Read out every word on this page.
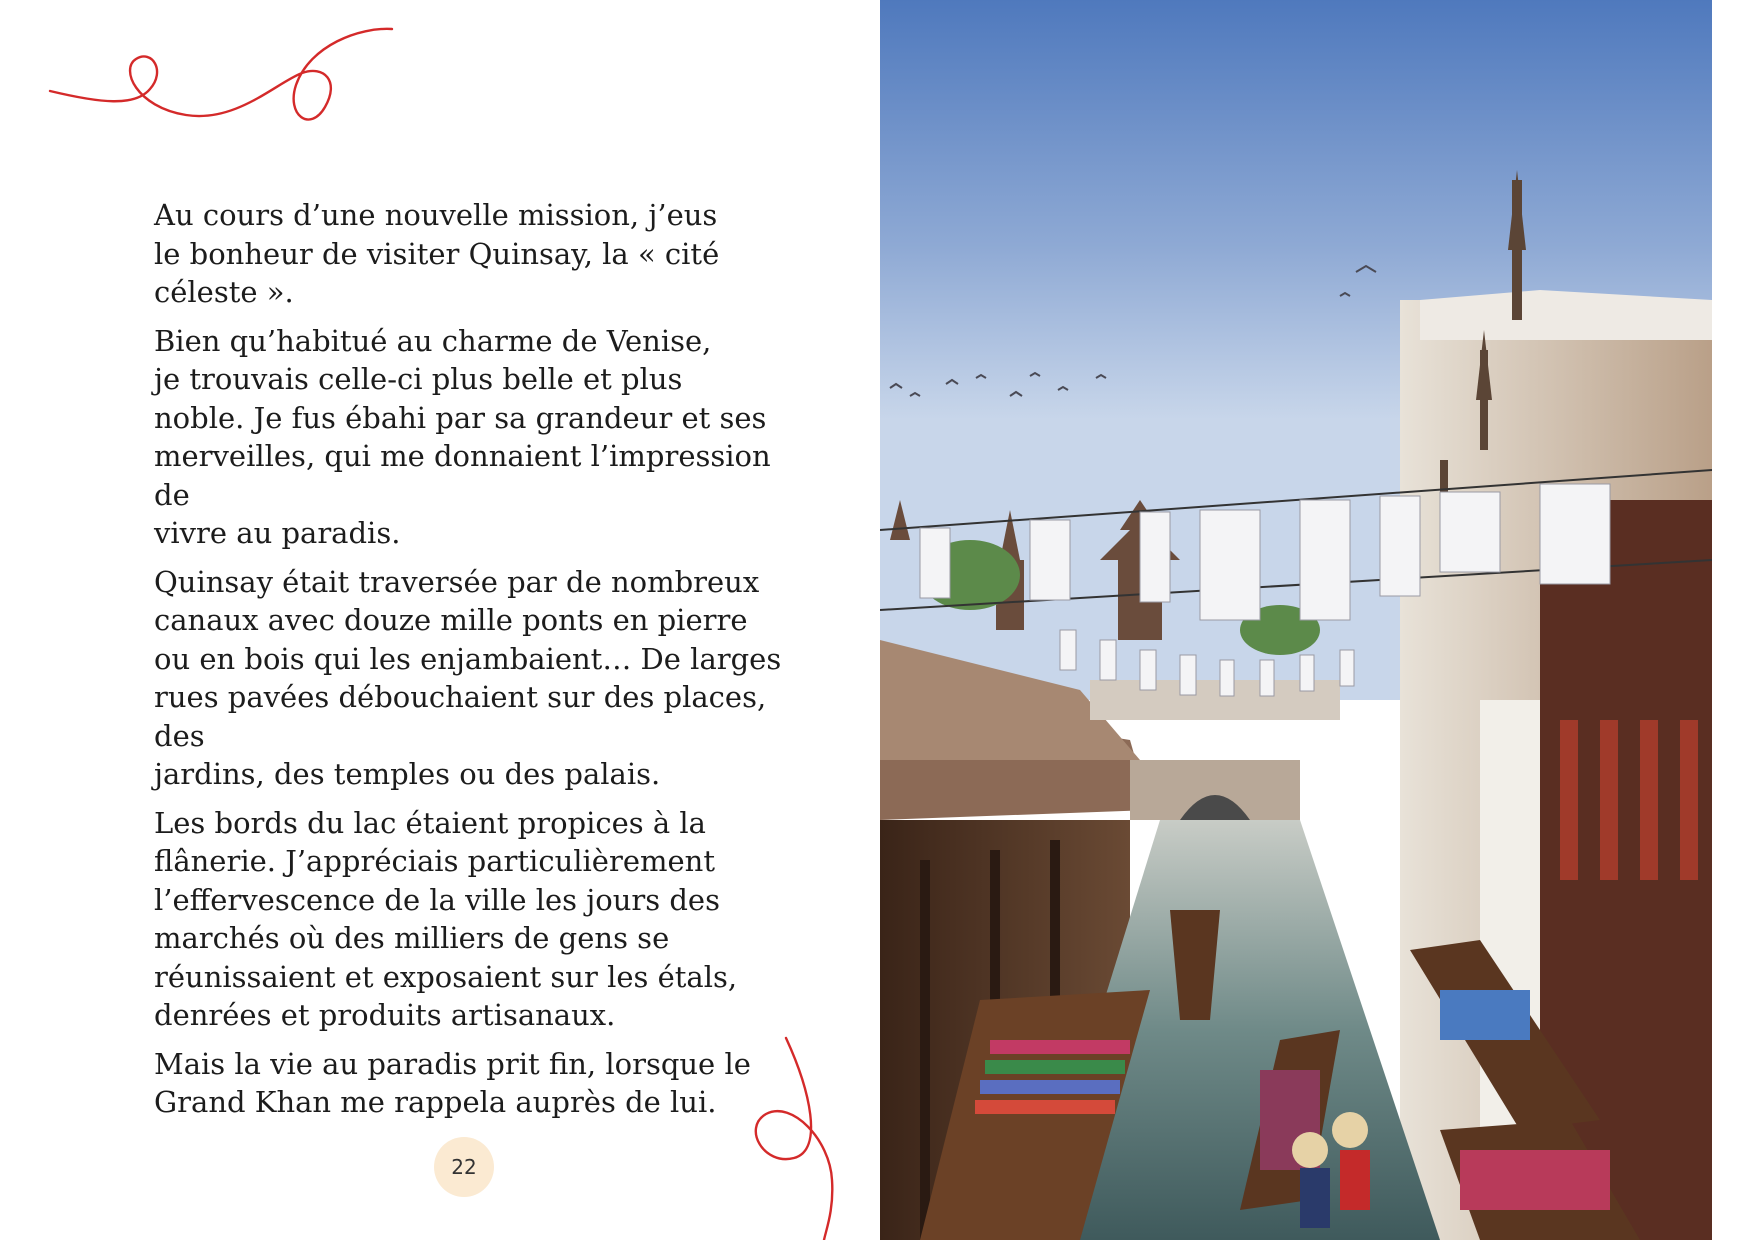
Au cours d’une nouvelle mission, j’eus
le bonheur de visiter Quinsay, la « cité
céleste ».

Bien qu’habitué au charme de Venise,
je trouvais celle-ci plus belle et plus
noble. Je fus ébahi par sa grandeur et ses
merveilles, qui me donnaient l’impression de
vivre au paradis.

Quinsay était traversée par de nombreux
canaux avec douze mille ponts en pierre
ou en bois qui les enjambaient… De larges
rues pavées débouchaient sur des places, des
jardins, des temples ou des palais.

Les bords du lac étaient propices à la
flânerie. J’appréciais particulièrement
l’effervescence de la ville les jours des
marchés où des milliers de gens se
réunissaient et exposaient sur les étals,
denrées et produits artisanaux.

Mais la vie au paradis prit fin, lorsque le
Grand Khan me rappela auprès de lui.

22
